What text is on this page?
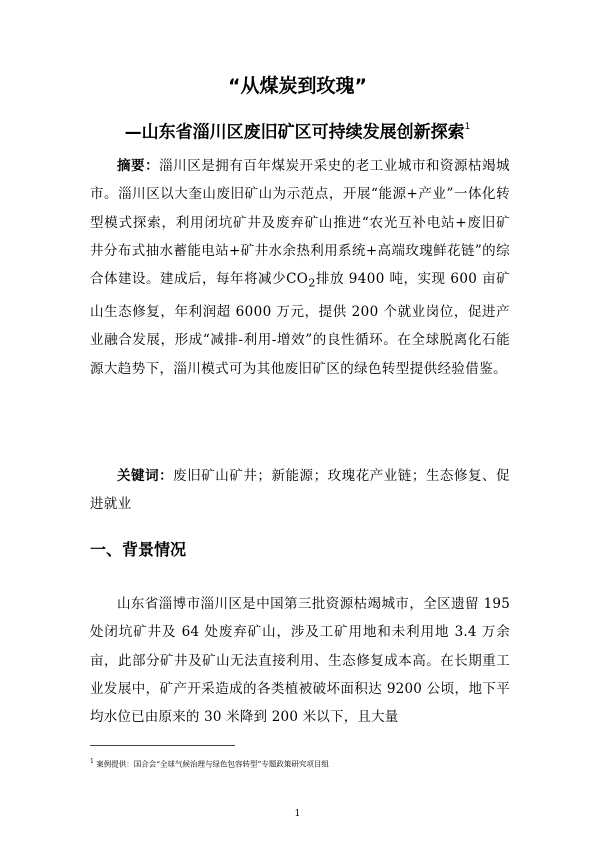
“从煤炭到玫瑰”
—山东省淄川区废旧矿区可持续发展创新探索$^1$

摘要：淄川区是拥有百年煤炭开采史的老工业城市和资源枯竭城市。淄川区以大奎山废旧矿山为示范点，开展“能源+产业”一体化转型模式探索，利用闭坑矿井及废弃矿山推进“农光互补电站+废旧矿井分布式抽水蓄能电站+矿井水余热利用系统+高端玫瑰鲜花链”的综合体建设。建成后，每年将减少$CO_2$排放 9400 吨，实现 600 亩矿山生态修复，年利润超 6000 万元，提供 200 个就业岗位，促进产业融合发展，形成“减排-利用-增效”的良性循环。在全球脱离化石能源大趋势下，淄川模式可为其他废旧矿区的绿色转型提供经验借鉴。

关键词：废旧矿山矿井；新能源；玫瑰花产业链；生态修复、促进就业

一、背景情况

山东省淄博市淄川区是中国第三批资源枯竭城市，全区遗留 195 处闭坑矿井及 64 处废弃矿山，涉及工矿用地和未利用地 3.4 万余亩，此部分矿井及矿山无法直接利用、生态修复成本高。在长期重工业发展中，矿产开采造成的各类植被破坏面积达 9200 公顷，地下平均水位已由原来的 30 米降到 200 米以下，且大量

$^1$ 案例提供：国合会“全球气候治理与绿色包容转型”专题政策研究项目组

1
